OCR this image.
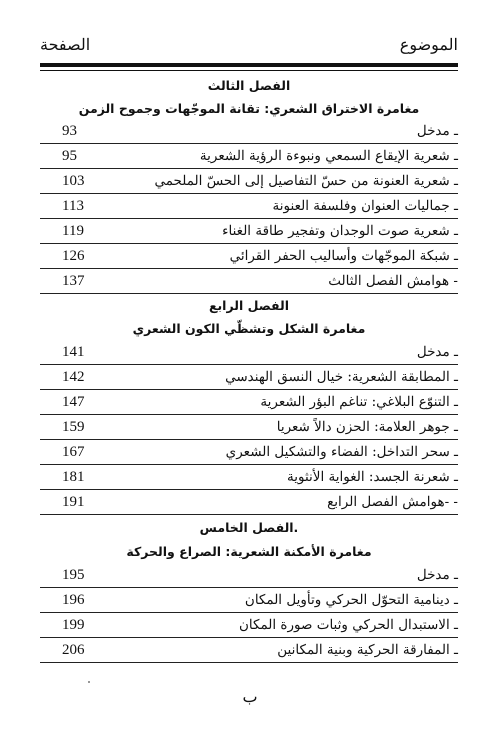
الموضوع
الصفحة
الفصل الثالث
مغامرة الاختراق الشعري: تقانة الموجّهات وجموح الزمن
ـ مدخل
93
ـ شعرية الإيقاع السمعي ونبوءة الرؤية الشعرية
95
ـ شعرية العنونة من حسّ التفاصيل إلى الحسّ الملحمي
103
ـ جماليات العنوان وفلسفة العنونة
113
ـ شعرية صوت الوجدان وتفجير طاقة الغناء
119
ـ شبكة الموجّهات وأساليب الحفر القرائي
126
- هوامش الفصل الثالث
137
الفصل الرابع
مغامرة الشكل وتشظّي الكون الشعري
ـ مدخل
141
ـ المطابقة الشعرية: خيال النسق الهندسي
142
ـ التنوّع البلاغي: تناغم البؤر الشعرية
147
ـ جوهر العلامة: الحزن دالاً شعريا
159
ـ سحر التداخل: الفضاء والتشكيل الشعري
167
ـ شعرنة الجسد: الغواية الأنثوية
181
- -هوامش الفصل الرابع
191
.الفصل الخامس
مغامرة الأمكنة الشعرية: الصراع والحركة
ـ مدخل
195
ـ دينامية التحوّل الحركي وتأويل المكان
196
ـ الاستبدال الحركي وثبات صورة المكان
199
ـ المفارقة الحركية وبنية المكانين
206
ب
